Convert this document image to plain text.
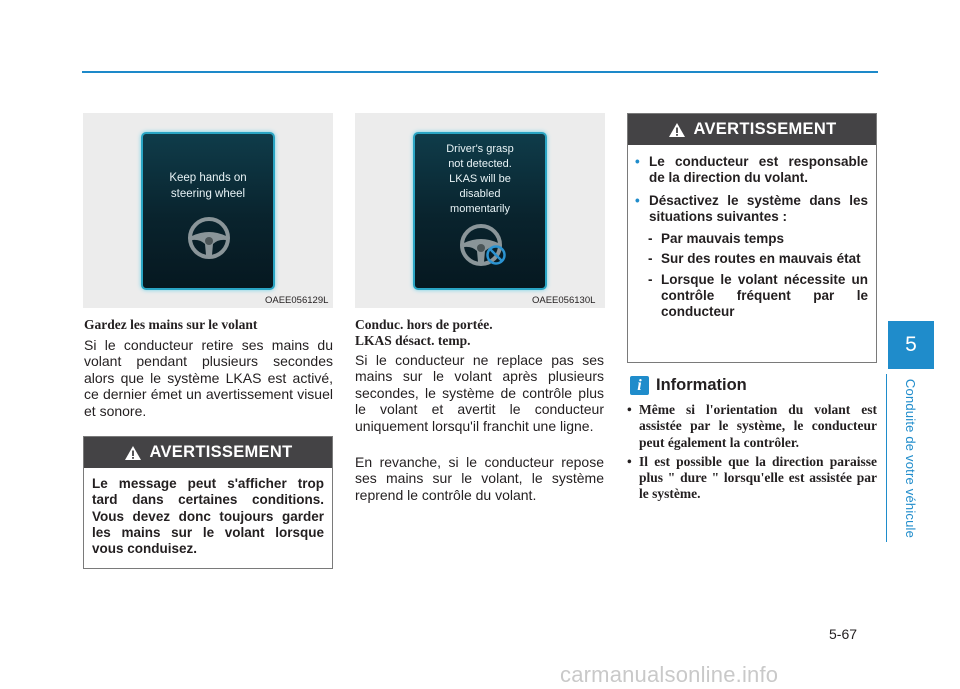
5
Conduite de votre véhicule
Keep hands on
steering wheel
OAEE056129L
Driver's grasp
not detected.
LKAS will be
disabled
momentarily
OAEE056130L
Gardez les mains sur le volant
Si le conducteur retire ses mains du volant pendant plusieurs secondes alors que le système LKAS est activé, ce dernier émet un avertissement visuel et sonore.
AVERTISSEMENT
Le message peut s'afficher trop tard dans certaines conditions. Vous devez donc toujours garder les mains sur le volant lorsque vous conduisez.
Conduc. hors de portée.
LKAS désact. temp.
Si le conducteur ne replace pas ses mains sur le volant après plusieurs secondes, le système de contrôle plus le volant et avertit le conducteur uniquement lorsqu'il franchit une ligne.
En revanche, si le conducteur repose ses mains sur le volant, le système reprend le contrôle du volant.
AVERTISSEMENT
• Le conducteur est responsable de la direction du volant.
• Désactivez le système dans les situations suivantes :
- Par mauvais temps
- Sur des routes en mauvais état
- Lorsque le volant nécessite un contrôle fréquent par le conducteur
i Information
• Même si l'orientation du volant est assistée par le système, le conducteur peut également la contrôler.
• Il est possible que la direction paraisse plus " dure " lorsqu'elle est assistée par le système.
5-67
carmanualsonline.info
